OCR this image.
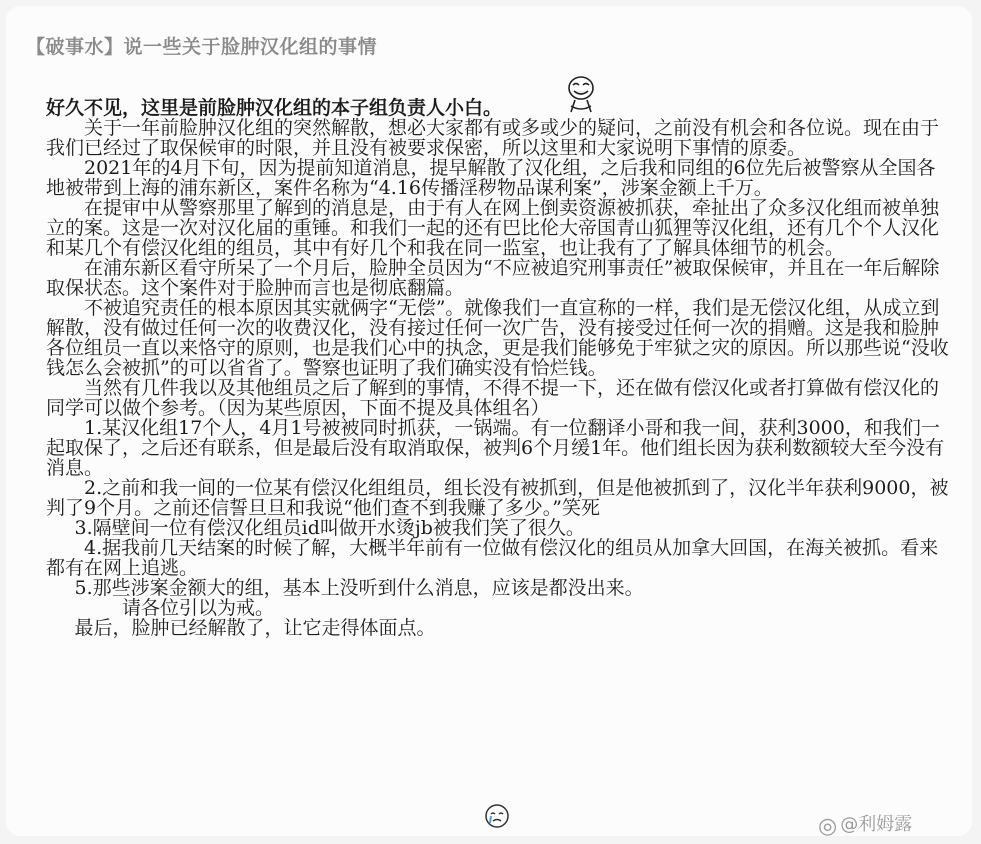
【破事水】说一些关于脸肿汉化组的事情

好久不见，这里是前脸肿汉化组的本子组负责人小白。

关于一年前脸肿汉化组的突然解散，想必大家都有或多或少的疑问，之前没有机会和各位说。现在由于我们已经过了取保候审的时限，并且没有被要求保密，所以这里和大家说明下事情的原委。

2021年的4月下旬，因为提前知道消息，提早解散了汉化组，之后我和同组的6位先后被警察从全国各地被带到上海的浦东新区，案件名称为“4.16传播淫秽物品谋利案”，涉案金额上千万。

在提审中从警察那里了解到的消息是，由于有人在网上倒卖资源被抓获，牵扯出了众多汉化组而被单独立的案。这是一次对汉化届的重锤。和我们一起的还有巴比伦大帝国青山狐狸等汉化组，还有几个个人汉化和某几个有偿汉化组的组员，其中有好几个和我在同一监室，也让我有了了解具体细节的机会。

在浦东新区看守所呆了一个月后，脸肿全员因为“不应被追究刑事责任”被取保候审，并且在一年后解除取保状态。这个案件对于脸肿而言也是彻底翻篇。

不被追究责任的根本原因其实就俩字“无偿”。就像我们一直宣称的一样，我们是无偿汉化组，从成立到解散，没有做过任何一次的收费汉化，没有接过任何一次广告，没有接受过任何一次的捐赠。这是我和脸肿各位组员一直以来恪守的原则，也是我们心中的执念，更是我们能够免于牢狱之灾的原因。所以那些说“没收钱怎么会被抓”的可以省省了。警察也证明了我们确实没有恰烂钱。

当然有几件我以及其他组员之后了解到的事情，不得不提一下，还在做有偿汉化或者打算做有偿汉化的同学可以做个参考。（因为某些原因，下面不提及具体组名）

1.某汉化组17个人，4月1号被被同时抓获，一锅端。有一位翻译小哥和我一间，获利3000，和我们一起取保了，之后还有联系，但是最后没有取消取保，被判6个月缓1年。他们组长因为获利数额较大至今没有消息。

2.之前和我一间的一位某有偿汉化组组员，组长没有被抓到，但是他被抓到了，汉化半年获利9000，被判了9个月。之前还信誓旦旦和我说“他们查不到我赚了多少。”笑死

3.隔壁间一位有偿汉化组员id叫做开水烫jb被我们笑了很久。

4.据我前几天结案的时候了解，大概半年前有一位做有偿汉化的组员从加拿大回国，在海关被抓。看来都有在网上追逃。

5.那些涉案金额大的组，基本上没听到什么消息，应该是都没出来。

请各位引以为戒。

最后，脸肿已经解散了，让它走得体面点。

◎ @利姆露
